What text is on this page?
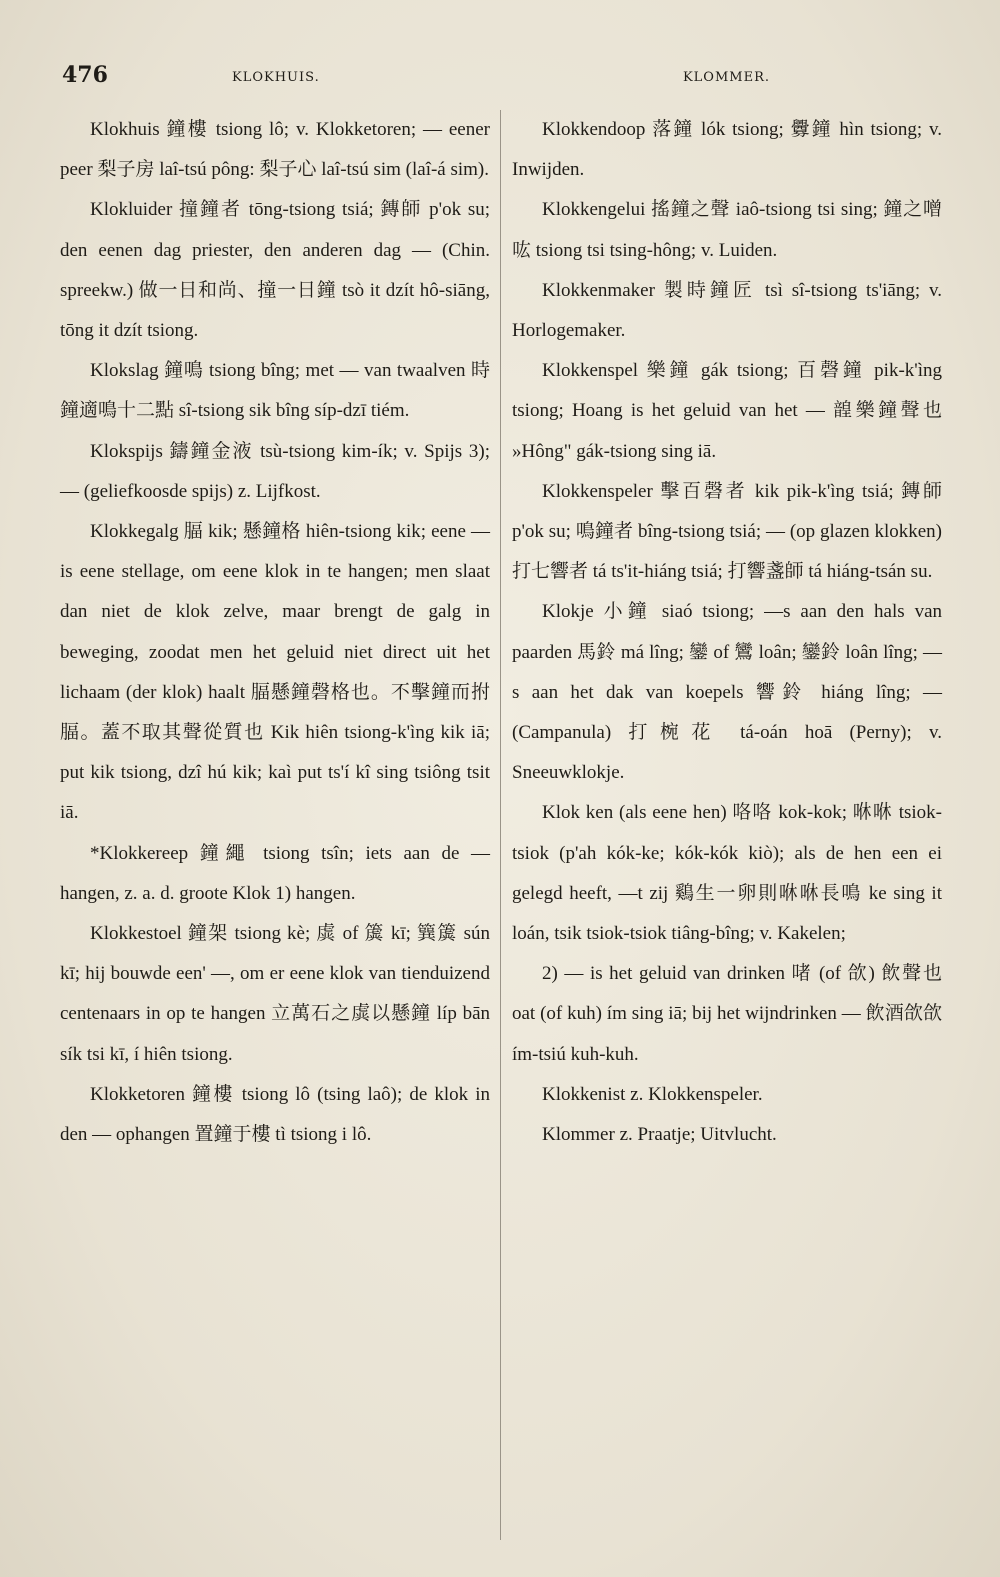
476	KLOKHUIS.	KLOMMER.

Klokhuis 鐘樓 tsiong lô; v. Klokketoren; — eener peer 梨子房 laî-tsú pông: 梨子心 laî-tsú sim (laî-á sim).

Klokluider 撞鐘者 tōng-tsiong tsiá; 鏄師 p'ok su; den eenen dag priester, den anderen dag — (Chin. spreekw.) 做一日和尚、撞一日鐘 tsò it dzít hô-siāng, tōng it dzít tsiong.

Klokslag 鐘鳴 tsiong bîng; met — van twaalven 時鐘適鳴十二點 sî-tsiong sik bîng síp-dzī tiém.

Klokspijs 鑄鐘金液 tsù-tsiong kim-ík; v. Spijs 3); — (geliefkoosde spijs) z. Lijfkost.

Klokkegalg 腷 kik; 懸鐘格 hiên-tsiong kik; eene — is eene stellage, om eene klok in te hangen; men slaat dan niet de klok zelve, maar brengt de galg in beweging, zoodat men het geluid niet direct uit het lichaam (der klok) haalt 腷懸鐘磬格也。不擊鐘而拊腷。蓋不取其聲從質也 Kik hiên tsiong-k'ìng kik iā; put kik tsiong, dzî hú kik; kaì put ts'í kî sing tsiông tsit iā.

*Klokkereep 鐘繩 tsiong tsîn; iets aan de — hangen, z. a. d. groote Klok 1) hangen.

Klokkestoel 鐘架 tsiong kè; 虡 of 簴 kī; 簨簴 sún kī; hij bouwde een' —, om er eene klok van tienduizend centenaars in op te hangen 立萬石之虡以懸鐘 líp bān sík tsi kī, í hiên tsiong.

Klokketoren 鐘樓 tsiong lô (tsing laô); de klok in den — ophangen 置鐘于樓 tì tsiong i lô.

Klokkendoop 落鐘 lók tsiong; 釁鐘 hìn tsiong; v. Inwijden.

Klokkengelui 搖鐘之聲 iaô-tsiong tsi sing; 鐘之噌吰 tsiong tsi tsing-hông; v. Luiden.

Klokkenmaker 製時鐘匠 tsì sî-tsiong ts'iāng; v. Horlogemaker.

Klokkenspel 樂鐘 gák tsiong; 百磬鐘 pik-k'ìng tsiong; Hoang is het geluid van het — 韹樂鐘聲也 »Hông" gák-tsiong sing iā.

Klokkenspeler 擊百磬者 kik pik-k'ìng tsiá; 鏄師 p'ok su; 鳴鐘者 bîng-tsiong tsiá; — (op glazen klokken) 打七響者 tá ts'it-hiáng tsiá; 打響盞師 tá hiáng-tsán su.

Klokje 小鐘 siaó tsiong; —s aan den hals van paarden 馬鈴 má lîng; 鑾 of 鸞 loân; 鑾鈴 loân lîng; —s aan het dak van koepels 響鈴 hiáng lîng; — (Campanula) 打椀花 tá-oán hoā (Perny); v. Sneeuwklokje.

Klok ken (als eene hen) 咯咯 kok-kok; 咻咻 tsiok-tsiok (p'ah kók-ke; kók-kók kiò); als de hen een ei gelegd heeft, —t zij 鷄生一卵則咻咻長鳴 ke sing it loán, tsik tsiok-tsiok tiâng-bîng; v. Kakelen;

2) — is het geluid van drinken 啫 (of 欱) 飲聲也 oat (of kuh) ím sing iā; bij het wijndrinken — 飲酒欱欱 ím-tsiú kuh-kuh.

Klokkenist z. Klokkenspeler.

Klommer z. Praatje; Uitvlucht.
